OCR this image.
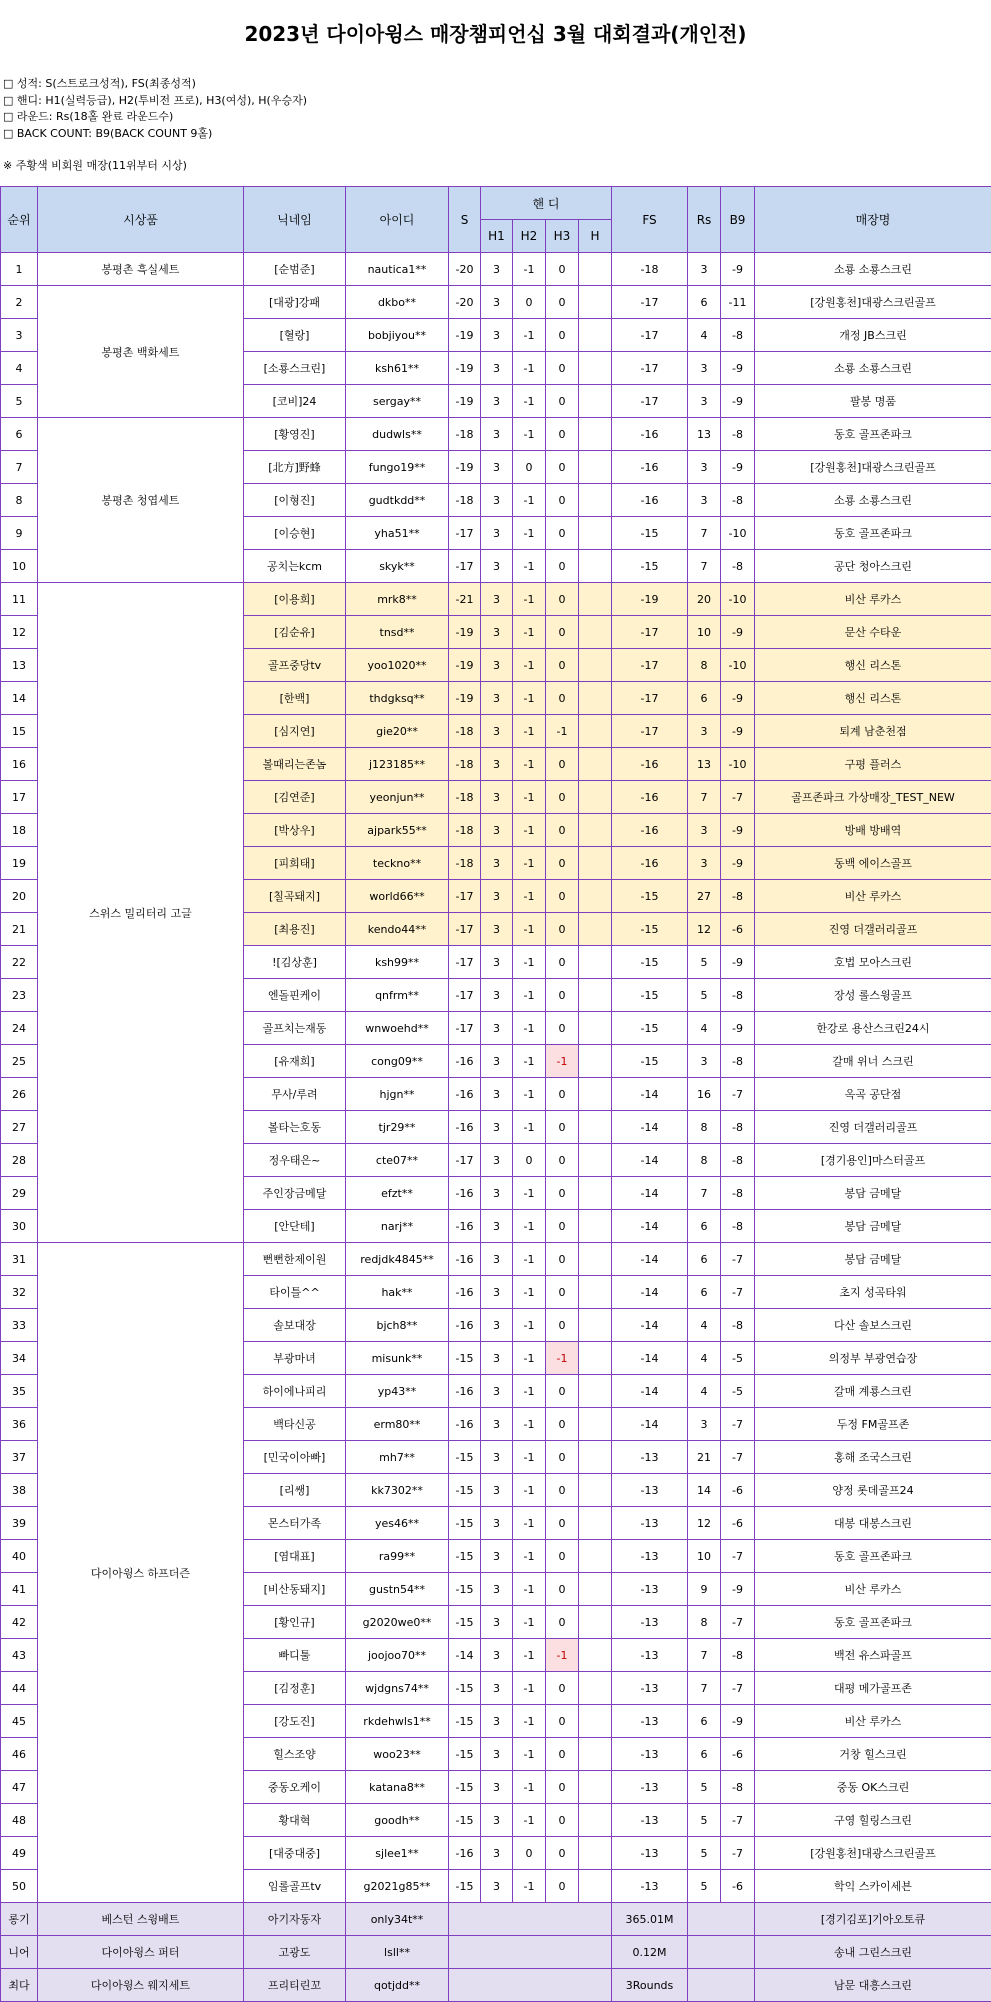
2023년 다이아윙스 매장챔피언십 3월 대회결과(개인전)
□ 성적: S(스트로크성적), FS(최종성적)
□ 핸디: H1(실력등급), H2(투비전 프로), H3(여성), H(우승자)
□ 라운드: Rs(18홀 완료 라운드수)
□ BACK COUNT: B9(BACK COUNT 9홀)
※ 주황색 비회원 매장(11위부터 시상)
순위	시상품	닉네임	아이디	S	핸 디				FS	Rs	B9	매장명
					H1	H2	H3	H				
1	봉평촌 흑실세트	[순범준]	nautica1**	-20	3	-1	0		-18	3	-9	소룡 소룡스크린
2	봉평촌 백화세트	[대광]강패	dkbo**	-20	3	0	0		-17	6	-11	[강원홍천]대광스크린골프
3		[혈랑]	bobjiyou**	-19	3	-1	0		-17	4	-8	개정 JB스크린
4		[소룡스크린]	ksh61**	-19	3	-1	0		-17	3	-9	소룡 소룡스크린
5		[코비]24	sergay**	-19	3	-1	0		-17	3	-9	팔봉 명품
6	봉평촌 청엽세트	[황영진]	dudwls**	-18	3	-1	0		-16	13	-8	동호 골프존파크
7		[北方]野蜂	fungo19**	-19	3	0	0		-16	3	-9	[강원홍천]대광스크린골프
8		[이형진]	gudtkdd**	-18	3	-1	0		-16	3	-8	소룡 소룡스크린
9		[이승현]	yha51**	-17	3	-1	0		-15	7	-10	동호 골프존파크
10		공치는kcm	skyk**	-17	3	-1	0		-15	7	-8	공단 청아스크린
11	스위스 밀리터리 고글	[이용희]	mrk8**	-21	3	-1	0		-19	20	-10	비산 루카스
12		[김순유]	tnsd**	-19	3	-1	0		-17	10	-9	문산 수타운
13		골프중당tv	yoo1020**	-19	3	-1	0		-17	8	-10	행신 리스톤
14		[한백]	thdgksq**	-19	3	-1	0		-17	6	-9	행신 리스톤
15		[심지연]	gie20**	-18	3	-1	-1		-17	3	-9	퇴계 남춘천점
16		볼때리는존놈	j123185**	-18	3	-1	0		-16	13	-10	구평 플러스
17		[김연준]	yeonjun**	-18	3	-1	0		-16	7	-7	골프존파크 가상매장_TEST_NEW
18		[박상우]	ajpark55**	-18	3	-1	0		-16	3	-9	방배 방배역
19		[피희태]	teckno**	-18	3	-1	0		-16	3	-9	동백 에이스골프
20		[칠곡돼지]	world66**	-17	3	-1	0		-15	27	-8	비산 루카스
21		[최용진]	kendo44**	-17	3	-1	0		-15	12	-6	진영 더갤러리골프
22		![김상훈]	ksh99**	-17	3	-1	0		-15	5	-9	호법 모아스크린
23		엔돌핀케이	qnfrm**	-17	3	-1	0		-15	5	-8	장성 롤스윙골프
24		골프치는재동	wnwoehd**	-17	3	-1	0		-15	4	-9	한강로 용산스크린24시
25		[유재희]	cong09**	-16	3	-1	-1		-15	3	-8	갈매 위너 스크린
26		무사/루려	hjgn**	-16	3	-1	0		-14	16	-7	옥곡 공단점
27		볼타는호동	tjr29**	-16	3	-1	0		-14	8	-8	진영 더갤러리골프
28		정우태은~	cte07**	-17	3	0	0		-14	8	-8	[경기용인]마스터골프
29		주인장금메달	efzt**	-16	3	-1	0		-14	7	-8	봉담 금메달
30		[안단테]	narj**	-16	3	-1	0		-14	6	-8	봉담 금메달
31	다이아윙스 하프더즌	뻔뻔한제이원	redjdk4845**	-16	3	-1	0		-14	6	-7	봉담 금메달
32		타이틀^^	hak**	-16	3	-1	0		-14	6	-7	초지 성곡타워
33		솔보대장	bjch8**	-16	3	-1	0		-14	4	-8	다산 솔보스크린
34		부광마녀	misunk**	-15	3	-1	-1		-14	4	-5	의정부 부광연습장
35		하이에나피리	yp43**	-16	3	-1	0		-14	4	-5	갈매 계룡스크린
36		백타신공	erm80**	-16	3	-1	0		-14	3	-7	두정 FM골프존
37		[민국이아빠]	mh7**	-15	3	-1	0		-13	21	-7	홍해 조국스크린
38		[리쌩]	kk7302**	-15	3	-1	0		-13	14	-6	양정 롯데골프24
39		몬스터가족	yes46**	-15	3	-1	0		-13	12	-6	대봉 대봉스크린
40		[염대표]	ra99**	-15	3	-1	0		-13	10	-7	동호 골프존파크
41		[비산동돼지]	gustn54**	-15	3	-1	0		-13	9	-9	비산 루카스
42		[황인규]	g2020we0**	-15	3	-1	0		-13	8	-7	동호 골프존파크
43		빠디툴	joojoo70**	-14	3	-1	-1		-13	7	-8	백전 유스파골프
44		[김정훈]	wjdgns74**	-15	3	-1	0		-13	7	-7	대평 메가골프존
45		[강도진]	rkdehwls1**	-15	3	-1	0		-13	6	-9	비산 루카스
46		힐스조양	woo23**	-15	3	-1	0		-13	6	-6	거창 힐스크린
47		중동오케이	katana8**	-15	3	-1	0		-13	5	-8	중동 OK스크린
48		황대혁	goodh**	-15	3	-1	0		-13	5	-7	구영 힐링스크린
49		[대중대중]	sjlee1**	-16	3	0	0		-13	5	-7	[강원홍천]대광스크린골프
50		임롤골프tv	g2021g85**	-15	3	-1	0		-13	5	-6	학익 스카이세븐
롱기	베스턴 스윙배트	아기자동자	only34t**						365.01M			[경기김포]기아오토큐
니어	다이아윙스 퍼터	고광도	lsll**						0.12M			송내 그린스크린
최다	다이아윙스 웨지세트	프리티린꼬	qotjdd**						3Rounds			남문 대흥스크린
